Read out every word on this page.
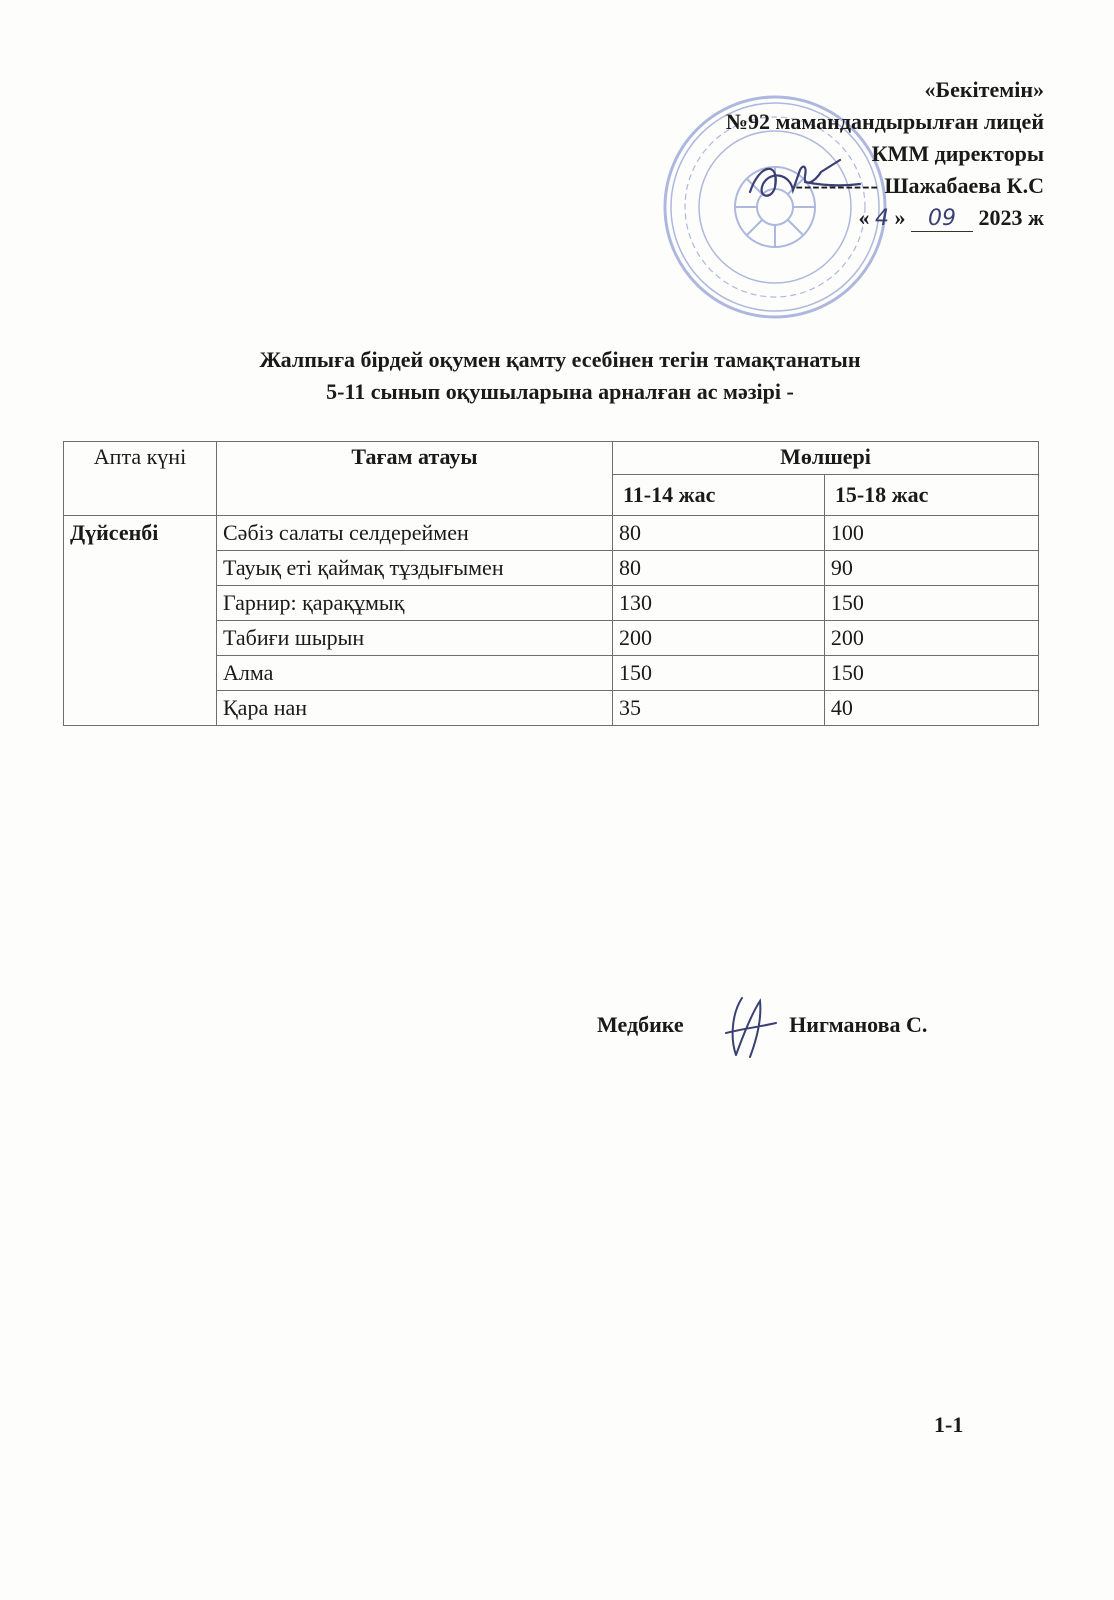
«Бекітемін»
№92 мамандандырылған лицей
КММ директоры
---------- Шажабаева К.С
« 4 » 09 2023 ж
Жалпыға бірдей оқумен қамту есебінен тегін тамақтанатын
5-11 сынып оқушыларына арналған ас мәзірі -
Апта күні	Тағам атауы	Мөлшері	
		11-14 жас	15-18 жас
Дүйсенбі	Сәбіз салаты селдереймен	80	100
	Тауық еті қаймақ тұздығымен	80	90
	Гарнир: қарақұмық	130	150
	Табиғи шырын	200	200
	Алма	150	150
	Қара нан	35	40
Медбике	Нигманова С.
1-1
